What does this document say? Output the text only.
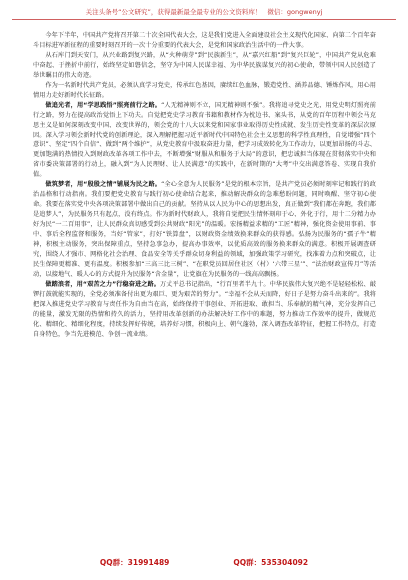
关注头条号“公文研究”，获得最新最全最专业的公文资料库！ 微信：gongwenyj

今年下半年，中国共产党将召开第二十次全国代表大会，这是我们党进入全面建设社会主义现代化国家、向第二个百年奋斗目标进军新征程的重要时刻召开的一次十分重要的代表大会，是党和国家政治生活中的一件大事。

从石库门到天安门，从兴业路到复兴路，从“火种萌芽”到“民族新生”，从“嘉兴红船”到“复兴巨轮”，中国共产党从危难中奋起、于挫折中前行，始终坚定如磐信念，坚守为中国人民谋幸福、为中华民族谋复兴的初心使命，带领中国人民创造了举世瞩目的伟大奇迹。

作为一名新时代共产党员，必须认真学习党史，传承红色基因，赓续红色血脉，锻造党性、涵养品德、锤炼作风，用心用情用力走好新时代长征路。

做追光者，用“学思践悟”照亮前行之路。“人无精神则不立，国无精神则不强”。我将追寻党史之光，用党史明灯照亮前行之路，努力在提高政治觉悟上下功夫。自觉把党史学习教育书籍和教材作为枕边书、案头书，从党的百年历程中领会马克思主义是如何深刻改变中国、改变世界的，领会党的十八大以来党和国家事业取得历史性成就、发生历史性变革的深层次原因。深入学习领会新时代党的创新理论，深入理解把握习近平新时代中国特色社会主义思想的科学性真理性，自觉增强“四个意识”、坚定“四个自信”、做到“两个维护”，从党史教育中汲取奋进力量，把学习成效转化为工作动力，以更加昂扬的斗志、更加饱满的热情投入到财政改革各项工作中去，不断增强“财服从和服务于大局”的意识，把忠诚担当体现在贯彻落实中央和省市委决策部署的行动上，融入到“为人民理财、让人民满意”的实践中，在新时期的“大考”中交出满意答卷、实现自我价值。

做筑梦者，用“殷殷之情”铺展为民之路。“全心全意为人民服务”是党的根本宗旨，是共产党员必须时刻牢记和践行的政治品格和行动指南。我们要把党史教育与践行初心使命结合起来，推动解决群众的急难愁盼问题，同时唤醒、坚守初心使命。我要在落实党中央各项决策部署中做出自己的贡献。坚持从以人民为中心的思想出发，真正做到“我们都在奔跑，我们都是追梦人”，为民服务只有起点，没有终点。作为新时代财政人，我将自觉把民生情怀刻印于心、外化于行，用十二分精力办好为民“一二百用事”，让人民群众真切感受到公共财政“阳光”的温暖。宏扬精益求精的“工匠”精神，强化资金使用事前、事中、事后全程监督和服务，当好“管家”，打好“铁算盘”，以财政资金绩效换来群众的获得感。弘扬为民服务的“孺子牛”精神，积极主动服务，突出保障重点，坚持急事急办，提高办事效率，以优质高效的服务换来群众的满意。积极开展调查研究，围绕人才强市、网格化社会治理、食品安全等关乎群众切身利益的领域，加强政策学习研究，找准着力点和突破点，让民生保障更精准、更有温度。积极参加“三高三比三树”、“在职党员回居住社区（村）‘六带三星’”、“法治财政宣传月”等活动，以接地气、暖人心的方式提升为民服务“含金量”，让党旗在为民服务的一线高高飘扬。

做踏浪者，用“艰苦之力”行稳奋进之路。万丈平总书记指出，“行百里者半九十。中华民族伟大复兴绝不是轻轻松松、敲锣打鼓就能实现的，全党必须准备付出更为艰巨、更为艰苦的努力”。“幸福不会从天而降，好日子是努力奋斗出来的”。我将把深入推进党史学习教育与责任作为自由当在高，始终保持干事创业、开拓进取、敢担当、乐奉献的精气神，充分发挥自己的能量，激发无限的热情和持久的活力，坚持用改革创新的办法解决好工作中的难题，努力推动工作效率的提升，做规范化、精细化、精细化程度，持续发挥好传统，培养好习惯，积极向上、朝气蓬勃，深入调查改革特征，把握工作特点，打造自身特色，争当先进模范、争创一流业绩。

QQ群：31991489	QQ群：535304092
